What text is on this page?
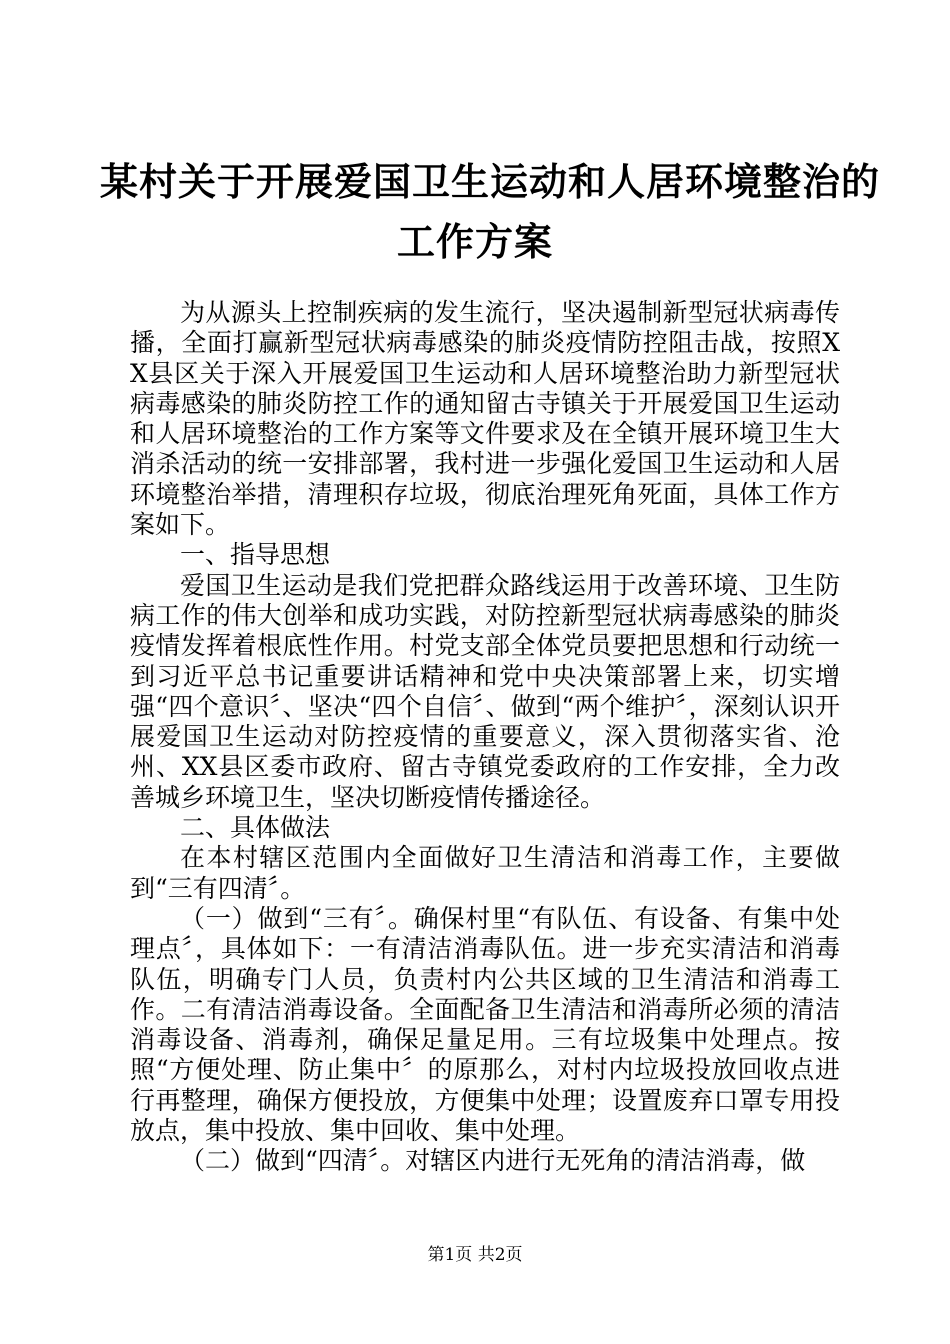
某村关于开展爱国卫生运动和人居环境整治的
工作方案

为从源头上控制疾病的发生流行，坚决遏制新型冠状病毒传播，全面打赢新型冠状病毒感染的肺炎疫情防控阻击战，按照XX县区关于深入开展爱国卫生运动和人居环境整治助力新型冠状病毒感染的肺炎防控工作的通知留古寺镇关于开展爱国卫生运动和人居环境整治的工作方案等文件要求及在全镇开展环境卫生大消杀活动的统一安排部署，我村进一步强化爱国卫生运动和人居环境整治举措，清理积存垃圾，彻底治理死角死面，具体工作方案如下。

一、指导思想

爱国卫生运动是我们党把群众路线运用于改善环境、卫生防病工作的伟大创举和成功实践，对防控新型冠状病毒感染的肺炎疫情发挥着根底性作用。村党支部全体党员要把思想和行动统一到习近平总书记重要讲话精神和党中央决策部署上来，切实增强“四个意识〞、坚决“四个自信〞、做到“两个维护〞，深刻认识开展爱国卫生运动对防控疫情的重要意义，深入贯彻落实省、沧州、XX县区委市政府、留古寺镇党委政府的工作安排，全力改善城乡环境卫生，坚决切断疫情传播途径。

二、具体做法

在本村辖区范围内全面做好卫生清洁和消毒工作，主要做到“三有四清〞。

（一）做到“三有〞。确保村里“有队伍、有设备、有集中处理点〞，具体如下：一有清洁消毒队伍。进一步充实清洁和消毒队伍，明确专门人员，负责村内公共区域的卫生清洁和消毒工作。二有清洁消毒设备。全面配备卫生清洁和消毒所必须的清洁消毒设备、消毒剂，确保足量足用。三有垃圾集中处理点。按照“方便处理、防止集中〞的原那么，对村内垃圾投放回收点进行再整理，确保方便投放，方便集中处理；设置废弃口罩专用投放点，集中投放、集中回收、集中处理。

（二）做到“四清〞。对辖区内进行无死角的清洁消毒，做

第1页 共2页
